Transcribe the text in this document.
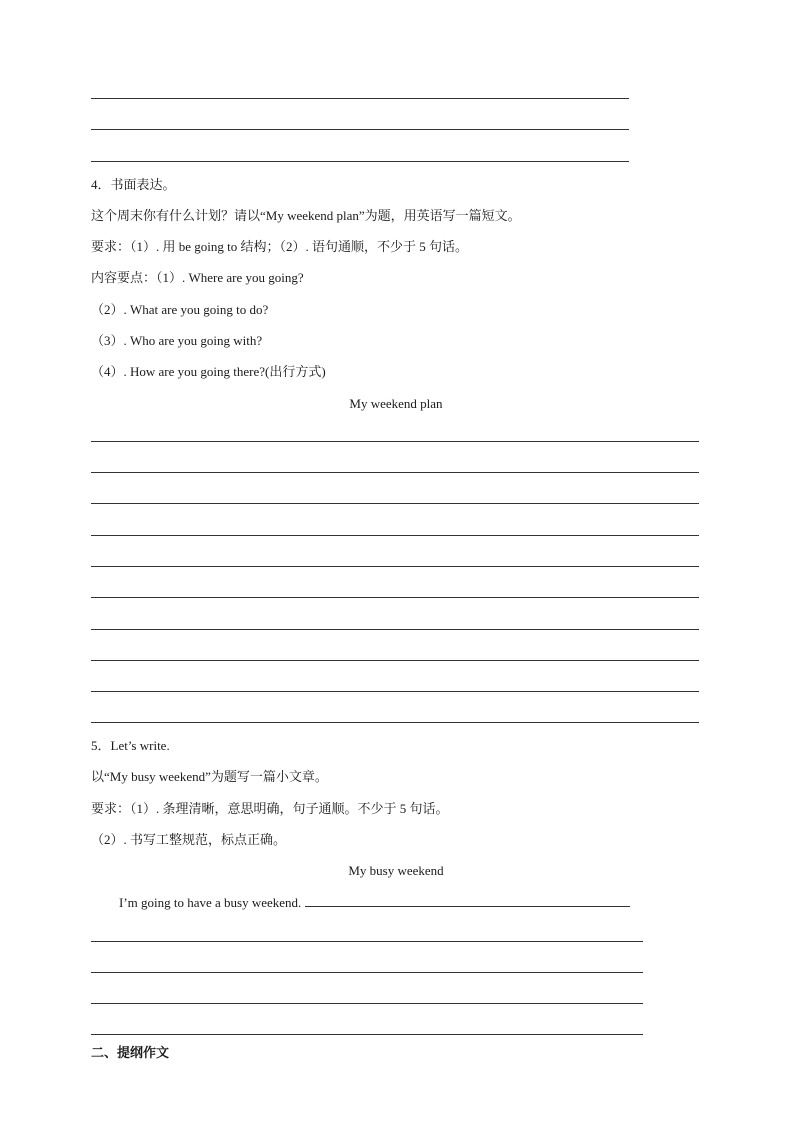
4．书面表达。
这个周末你有什么计划？请以“My weekend plan”为题，用英语写一篇短文。
要求：（1）. 用 be going to 结构；（2）. 语句通顺，不少于 5 句话。
内容要点：（1）. Where are you going?
（2）. What are you going to do?
（3）. Who are you going with?
（4）. How are you going there?(出行方式)
My weekend plan
5．Let’s write.
以“My busy weekend”为题写一篇小文章。
要求：（1）. 条理清晰，意思明确，句子通顺。不少于 5 句话。
（2）. 书写工整规范，标点正确。
My busy weekend
I’m going to have a busy weekend.
二、提纲作文
